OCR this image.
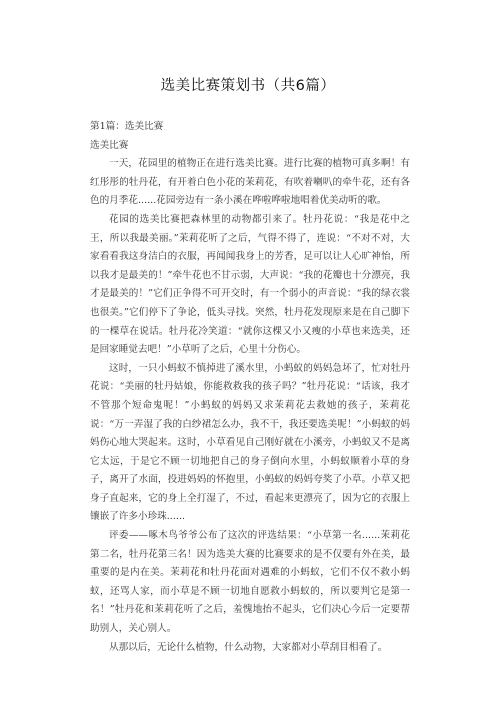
选美比赛策划书（共6篇）

第1篇：选美比赛

选美比赛

一天，花园里的植物正在进行选美比赛。进行比赛的植物可真多啊！有红彤彤的牡丹花，有开着白色小花的茉莉花，有吹着喇叭的牵牛花，还有各色的月季花......花园旁边有一条小溪在哗啦哗啦地唱着优美动听的歌。

花园的选美比赛把森林里的动物都引来了。牡丹花说：“我是花中之王，所以我最美丽。”茉莉花听了之后，气得不得了，连说：“不对不对，大家看看我这身洁白的衣服，再闻闻我身上的芳香，足可以让人心旷神怡，所以我才是最美的！”牵牛花也不甘示弱，大声说：“我的花瓣也十分漂亮，我才是最美的！”它们正争得不可开交时，有一个弱小的声音说：“我的绿衣裳也很美。”它们停下了争论，低头寻找。突然，牡丹花发现原来是在自己脚下的一棵草在说话。牡丹花冷笑道：“就你这棵又小又瘦的小草也来选美，还是回家睡觉去吧！”小草听了之后，心里十分伤心。

这时，一只小蚂蚁不慎掉进了溪水里，小蚂蚁的妈妈急坏了，忙对牡丹花说：“美丽的牡丹姑娘，你能救救我的孩子吗？”牡丹花说：“话该，我才不管那个短命鬼呢！”小蚂蚁的妈妈又求茉莉花去救她的孩子，茉莉花说：“万一弄湿了我的白纱裙怎么办，我不干，我还要选美呢！”小蚂蚁的妈妈伤心地大哭起来。这时，小草看见自己刚好就在小溪旁，小蚂蚁又不是离它太远，于是它不顾一切地把自己的身子倒向水里，小蚂蚁顺着小草的身子，离开了水面，投进妈妈的怀抱里，小蚂蚁的妈妈夸奖了小草。小草又把身子直起来，它的身上全打湿了，不过，看起来更漂亮了，因为它的衣服上镶嵌了许多小珍珠......

评委——啄木鸟爷爷公布了这次的评选结果：“小草第一名......茉莉花第二名，牡丹花第三名！因为选美大赛的比赛要求的是不仅要有外在美，最重要的是内在美。茉莉花和牡丹花面对遇难的小蚂蚁，它们不仅不救小蚂蚁，还骂人家，而小草是不顾一切地自愿救小蚂蚁的，所以要判它是第一名！”牡丹花和茉莉花听了之后，羞愧地抬不起头，它们决心今后一定要帮助别人，关心别人。

从那以后，无论什么植物，什么动物，大家都对小草刮目相看了。
